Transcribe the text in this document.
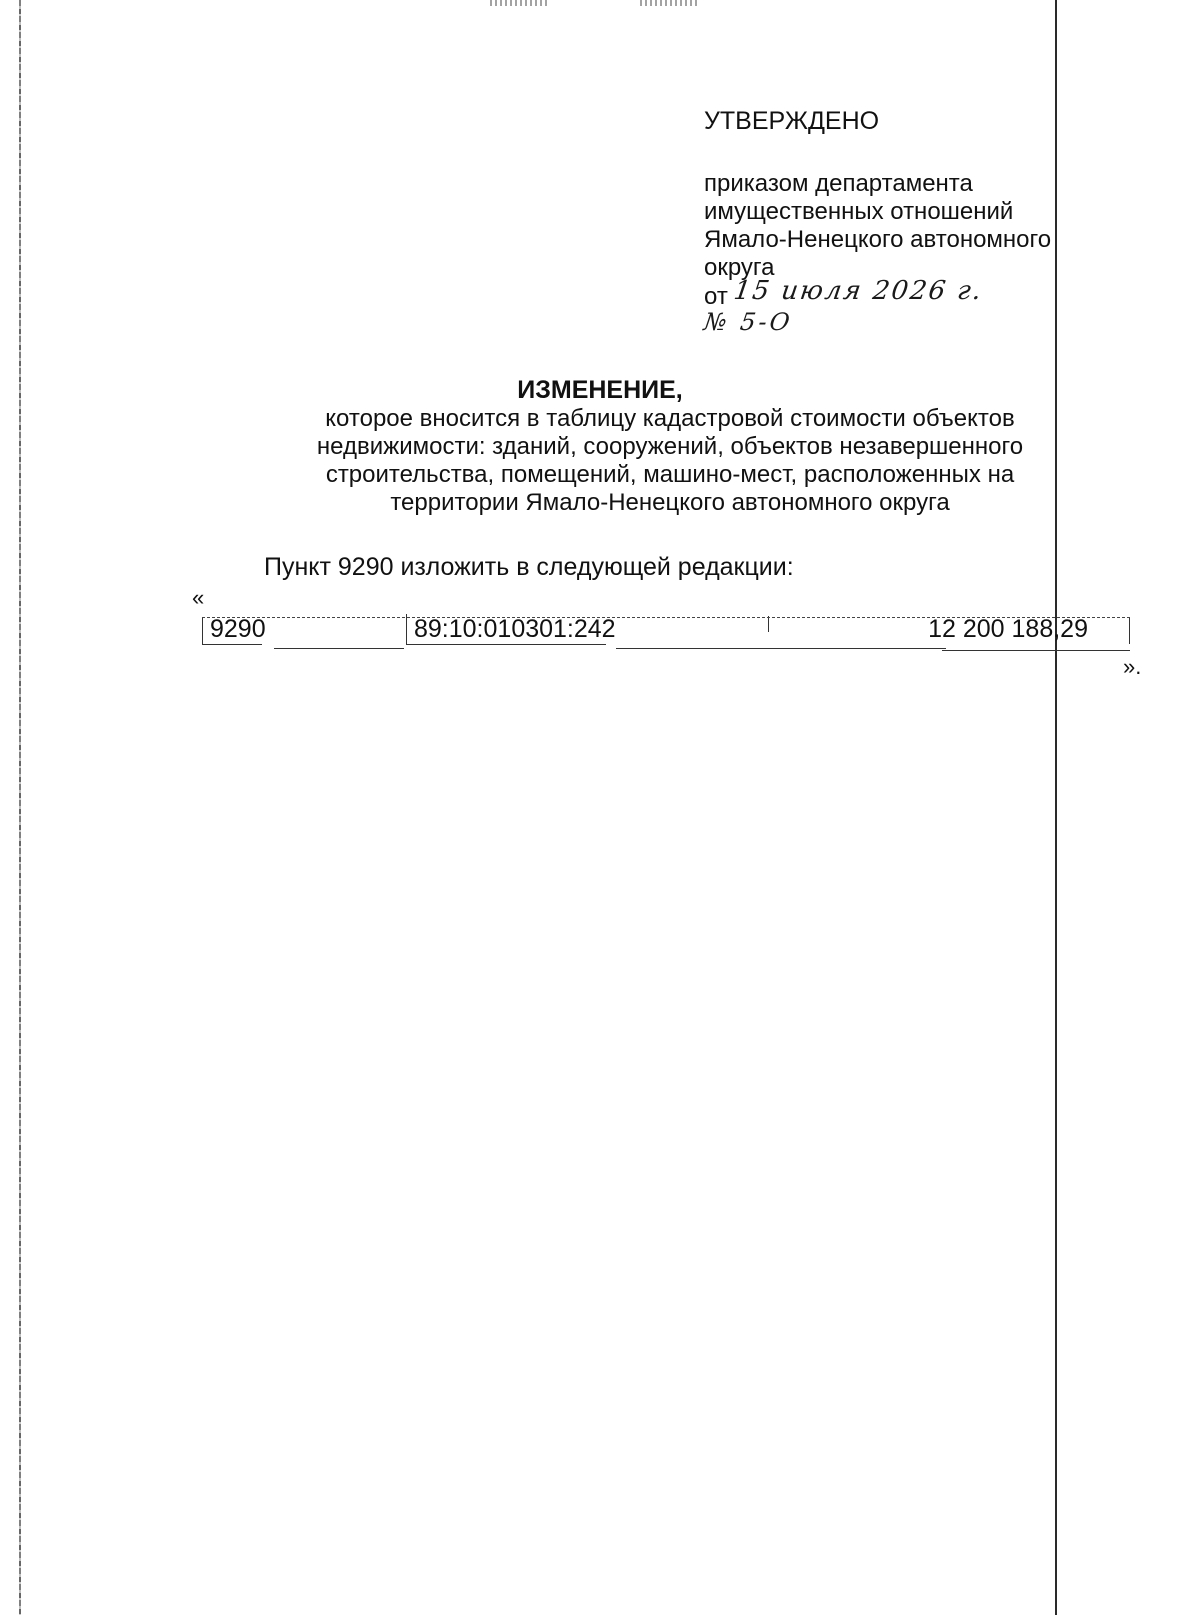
УТВЕРЖДЕНО
приказом департамента
имущественных отношений
Ямало-Ненецкого автономного
округа
от 15 июля 2026 г.
№ 5-О
ИЗМЕНЕНИЕ,
которое вносится в таблицу кадастровой стоимости объектов
недвижимости: зданий, сооружений, объектов незавершенного
строительства, помещений, машино-мест, расположенных на
территории Ямало-Ненецкого автономного округа
Пункт 9290 изложить в следующей редакции:
«
9290	89:10:010301:242	12 200 188,29
».
